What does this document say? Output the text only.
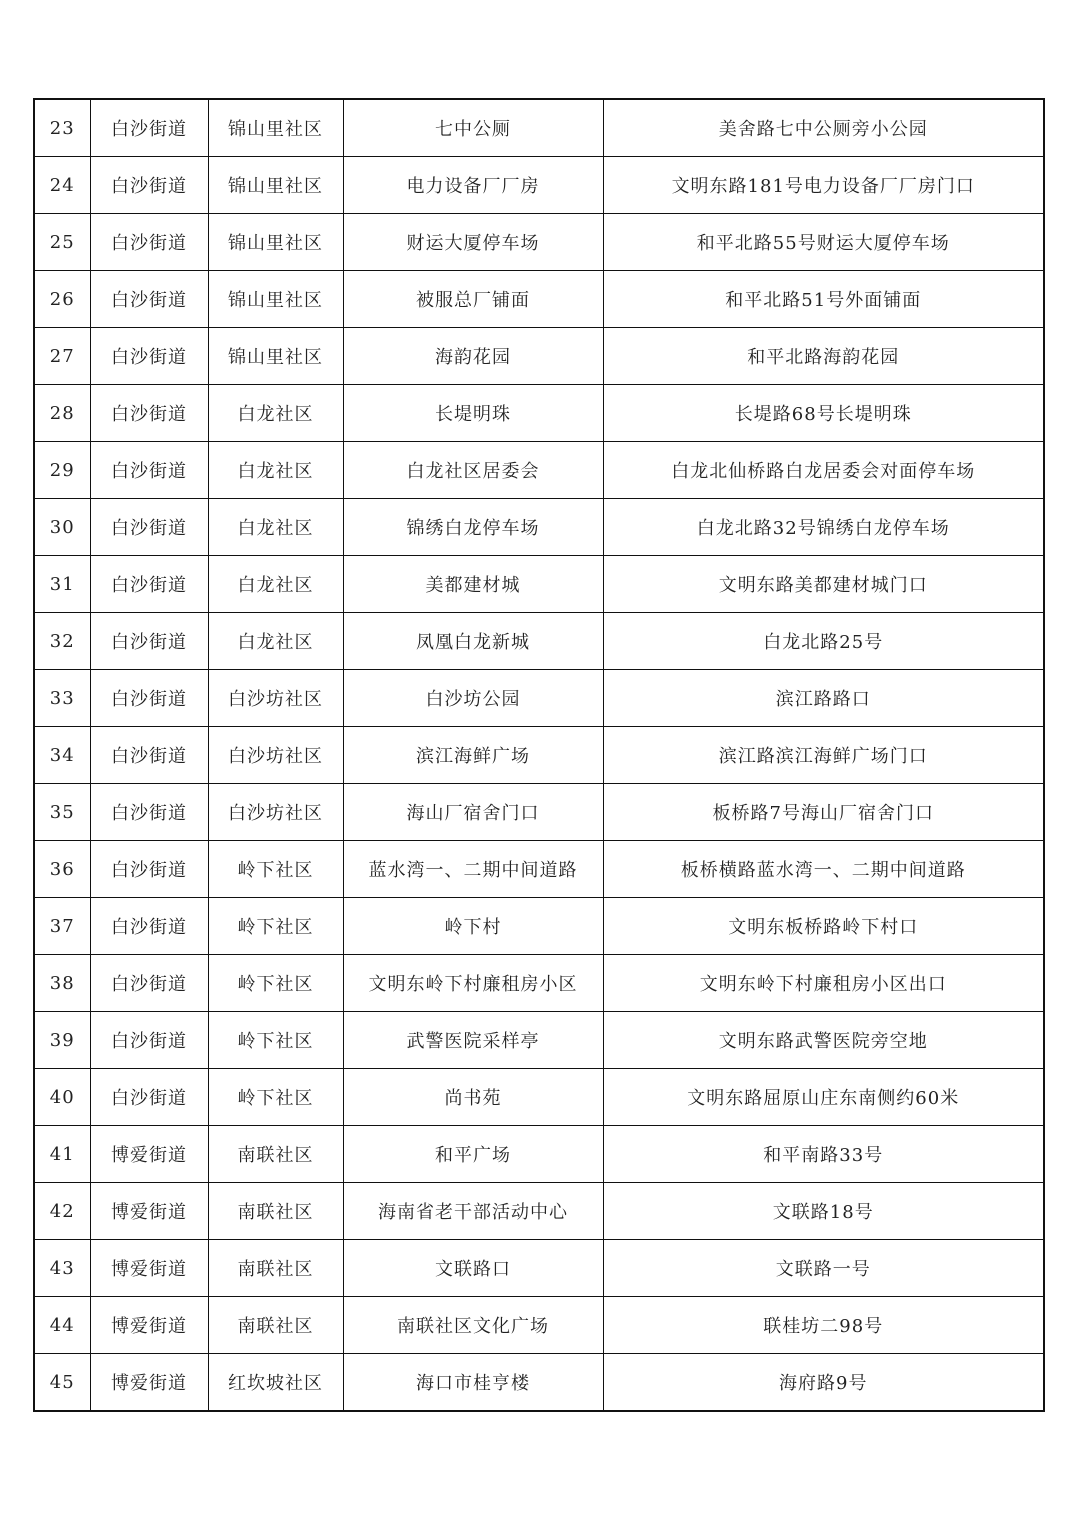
23	白沙街道	锦山里社区	七中公厕	美舍路七中公厕旁小公园
24	白沙街道	锦山里社区	电力设备厂厂房	文明东路181号电力设备厂厂房门口
25	白沙街道	锦山里社区	财运大厦停车场	和平北路55号财运大厦停车场
26	白沙街道	锦山里社区	被服总厂铺面	和平北路51号外面铺面
27	白沙街道	锦山里社区	海韵花园	和平北路海韵花园
28	白沙街道	白龙社区	长堤明珠	长堤路68号长堤明珠
29	白沙街道	白龙社区	白龙社区居委会	白龙北仙桥路白龙居委会对面停车场
30	白沙街道	白龙社区	锦绣白龙停车场	白龙北路32号锦绣白龙停车场
31	白沙街道	白龙社区	美都建材城	文明东路美都建材城门口
32	白沙街道	白龙社区	凤凰白龙新城	白龙北路25号
33	白沙街道	白沙坊社区	白沙坊公园	滨江路路口
34	白沙街道	白沙坊社区	滨江海鲜广场	滨江路滨江海鲜广场门口
35	白沙街道	白沙坊社区	海山厂宿舍门口	板桥路7号海山厂宿舍门口
36	白沙街道	岭下社区	蓝水湾一、二期中间道路	板桥横路蓝水湾一、二期中间道路
37	白沙街道	岭下社区	岭下村	文明东板桥路岭下村口
38	白沙街道	岭下社区	文明东岭下村廉租房小区	文明东岭下村廉租房小区出口
39	白沙街道	岭下社区	武警医院采样亭	文明东路武警医院旁空地
40	白沙街道	岭下社区	尚书苑	文明东路屈原山庄东南侧约60米
41	博爱街道	南联社区	和平广场	和平南路33号
42	博爱街道	南联社区	海南省老干部活动中心	文联路18号
43	博爱街道	南联社区	文联路口	文联路一号
44	博爱街道	南联社区	南联社区文化广场	联桂坊二98号
45	博爱街道	红坎坡社区	海口市桂亨楼	海府路9号
